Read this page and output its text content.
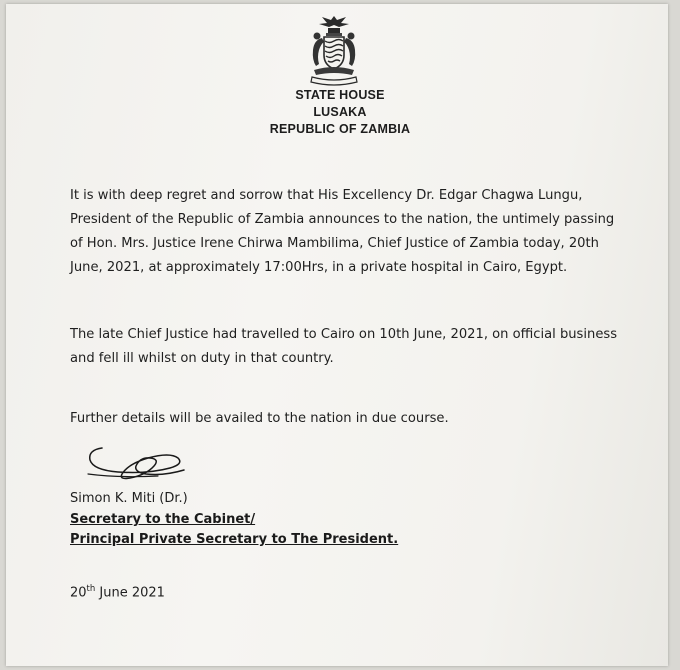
STATE HOUSE
LUSAKA
REPUBLIC OF ZAMBIA

It is with deep regret and sorrow that His Excellency Dr. Edgar Chagwa Lungu,
President of the Republic of Zambia announces to the nation, the untimely passing
of Hon. Mrs. Justice Irene Chirwa Mambilima, Chief Justice of Zambia today, 20th
June, 2021, at approximately 17:00Hrs, in a private hospital in Cairo, Egypt.

The late Chief Justice had travelled to Cairo on 10th June, 2021, on official business
and fell ill whilst on duty in that country.

Further details will be availed to the nation in due course.

Simon K. Miti (Dr.)
Secretary to the Cabinet/
Principal Private Secretary to The President.
20th June 2021
